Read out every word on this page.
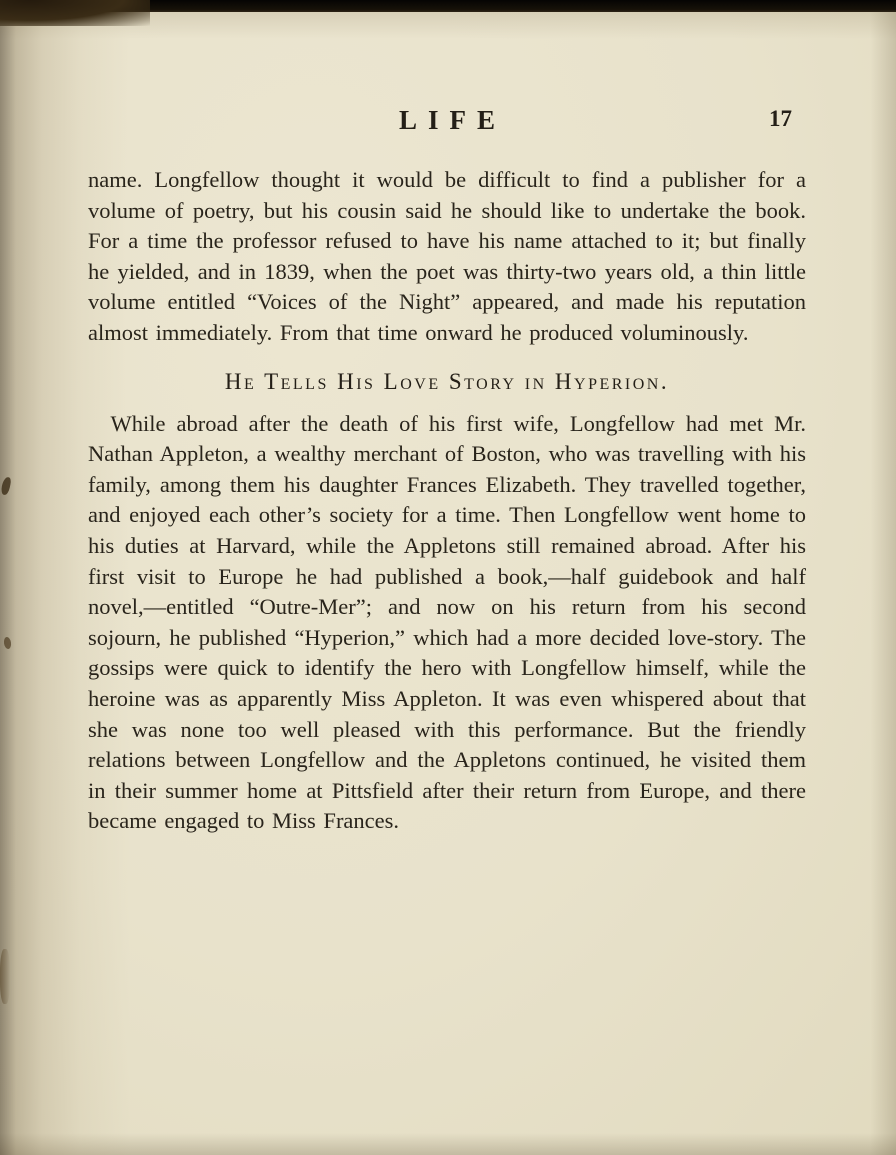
LIFE	17

name. Longfellow thought it would be difficult to find a publisher for a volume of poetry, but his cousin said he should like to undertake the book. For a time the professor refused to have his name attached to it; but finally he yielded, and in 1839, when the poet was thirty-two years old, a thin little volume entitled “Voices of the Night” appeared, and made his reputation almost immediately. From that time onward he produced voluminously.

He Tells His Love Story in Hyperion.

While abroad after the death of his first wife, Longfellow had met Mr. Nathan Appleton, a wealthy merchant of Boston, who was travelling with his family, among them his daughter Frances Elizabeth. They travelled together, and enjoyed each other’s society for a time. Then Longfellow went home to his duties at Harvard, while the Appletons still remained abroad. After his first visit to Europe he had published a book,—half guidebook and half novel,—entitled “Outre-Mer”; and now on his return from his second sojourn, he published “Hyperion,” which had a more decided love-story. The gossips were quick to identify the hero with Longfellow himself, while the heroine was as apparently Miss Appleton. It was even whispered about that she was none too well pleased with this performance. But the friendly relations between Longfellow and the Appletons continued, he visited them in their summer home at Pittsfield after their return from Europe, and there became engaged to Miss Frances.
